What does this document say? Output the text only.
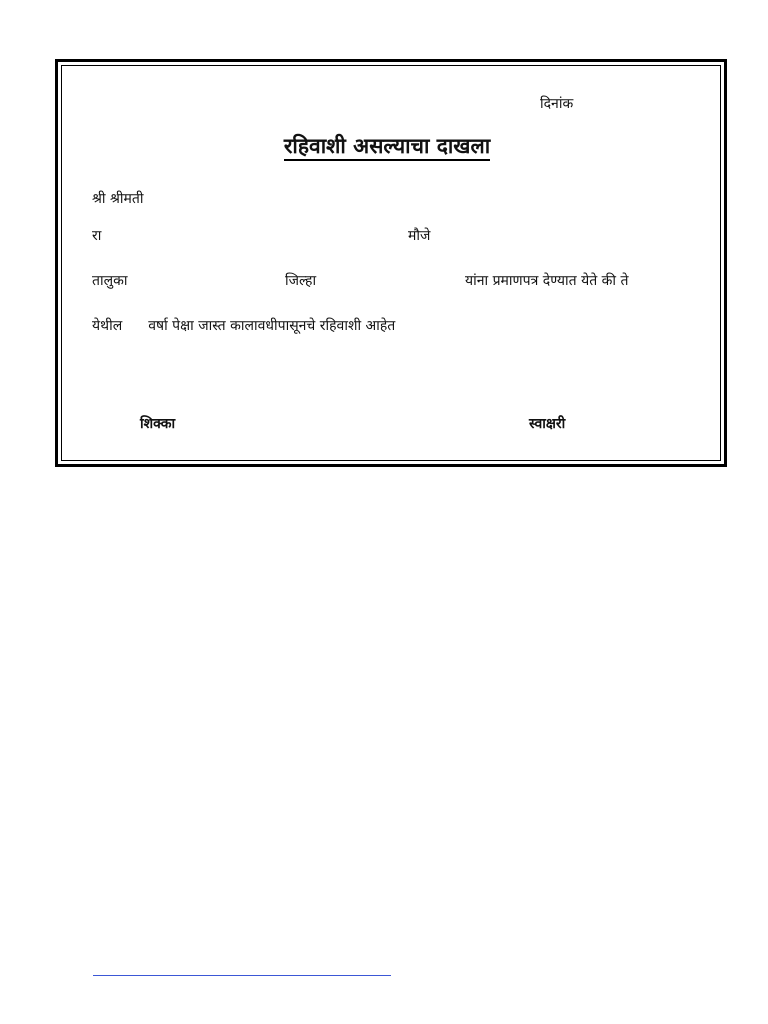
दिनांक
रहिवाशी असल्याचा दाखला
श्री श्रीमती
रा	मौजे
तालुका	जिल्हा	यांना प्रमाणपत्र देण्यात येते की ते
येथील वर्षा पेक्षा जास्त कालावधीपासूनचे रहिवाशी आहेत
शिक्का	स्वाक्षरी
